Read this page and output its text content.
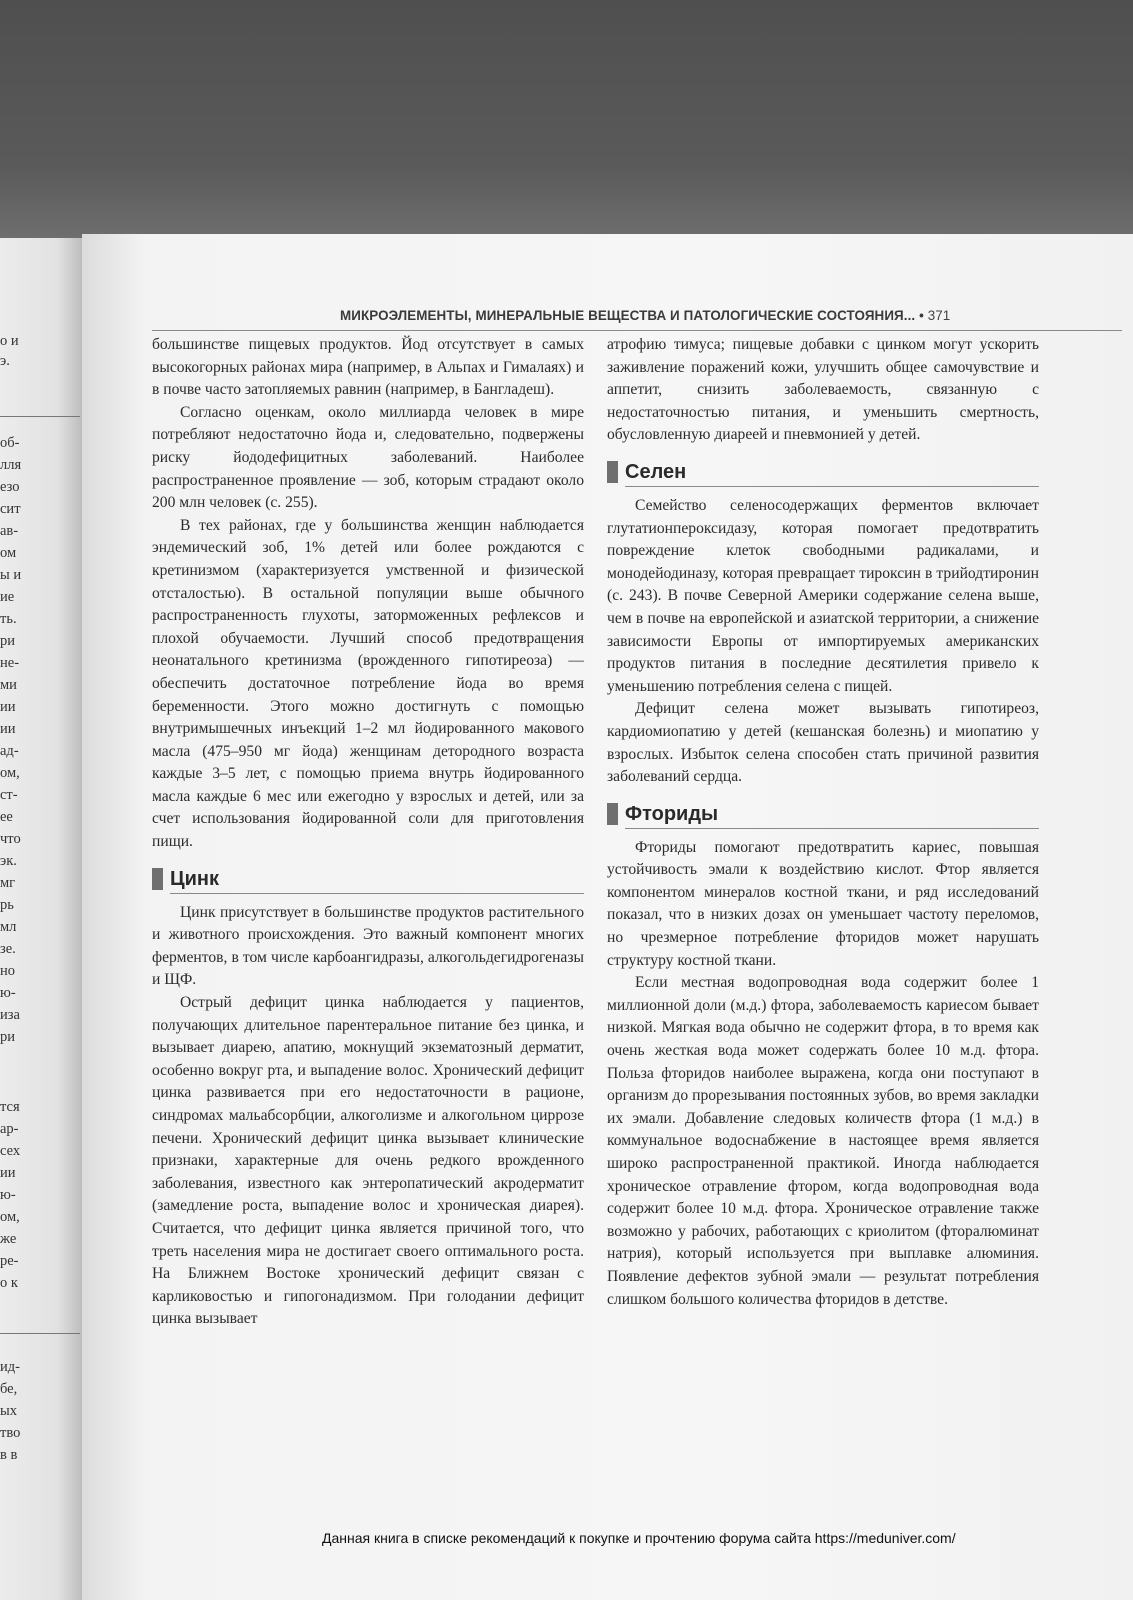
о и
э.
об-
лля
езо
сит
ав-
ом
ы и
ие
ть.
ри
не-
ми
ии
ии
ад-
ом,
ст-
ее
что
эк.
мг
рь
мл
зе.
но
ю-
иза
ри
тся
ар-
сех
ии
ю-
ом,
же
ре-
о к
ид-
бе,
ых
тво
в в
МИКРОЭЛЕМЕНТЫ, МИНЕРАЛЬНЫЕ ВЕЩЕСТВА И ПАТОЛОГИЧЕСКИЕ СОСТОЯНИЯ... • 371

большинстве пищевых продуктов. Йод отсутствует в самых высокогорных районах мира (например, в Альпах и Гималаях) и в почве часто затопляемых равнин (например, в Бангладеш).

Согласно оценкам, около миллиарда человек в мире потребляют недостаточно йода и, следовательно, подвержены риску йододефицитных заболеваний. Наиболее распространенное проявление — зоб, которым страдают около 200 млн человек (с. 255).

В тех районах, где у большинства женщин наблюдается эндемический зоб, 1% детей или более рождаются с кретинизмом (характеризуется умственной и физической отсталостью). В остальной популяции выше обычного распространенность глухоты, заторможенных рефлексов и плохой обучаемости. Лучший способ предотвращения неонатального кретинизма (врожденного гипотиреоза) — обеспечить достаточное потребление йода во время беременности. Этого можно достигнуть с помощью внутримышечных инъекций 1–2 мл йодированного макового масла (475–950 мг йода) женщинам детородного возраста каждые 3–5 лет, с помощью приема внутрь йодированного масла каждые 6 мес или ежегодно у взрослых и детей, или за счет использования йодированной соли для приготовления пищи.

Цинк

Цинк присутствует в большинстве продуктов растительного и животного происхождения. Это важный компонент многих ферментов, в том числе карбоангидразы, алкогольдегидрогеназы и ЩФ.

Острый дефицит цинка наблюдается у пациентов, получающих длительное парентеральное питание без цинка, и вызывает диарею, апатию, мокнущий экзематозный дерматит, особенно вокруг рта, и выпадение волос. Хронический дефицит цинка развивается при его недостаточности в рационе, синдромах мальабсорбции, алкоголизме и алкогольном циррозе печени. Хронический дефицит цинка вызывает клинические признаки, характерные для очень редкого врожденного заболевания, известного как энтеропатический акродерматит (замедление роста, выпадение волос и хроническая диарея). Считается, что дефицит цинка является причиной того, что треть населения мира не достигает своего оптимального роста. На Ближнем Востоке хронический дефицит связан с карликовостью и гипогонадизмом. При голодании дефицит цинка вызывает

атрофию тимуса; пищевые добавки с цинком могут ускорить заживление поражений кожи, улучшить общее самочувствие и аппетит, снизить заболеваемость, связанную с недостаточностью питания, и уменьшить смертность, обусловленную диареей и пневмонией у детей.

Селен

Семейство селеносодержащих ферментов включает глутатионпероксидазу, которая помогает предотвратить повреждение клеток свободными радикалами, и монодейодиназу, которая превращает тироксин в трийодтиронин (с. 243). В почве Северной Америки содержание селена выше, чем в почве на европейской и азиатской территории, а снижение зависимости Европы от импортируемых американских продуктов питания в последние десятилетия привело к уменьшению потребления селена с пищей.

Дефицит селена может вызывать гипотиреоз, кардиомиопатию у детей (кешанская болезнь) и миопатию у взрослых. Избыток селена способен стать причиной развития заболеваний сердца.

Фториды

Фториды помогают предотвратить кариес, повышая устойчивость эмали к воздействию кислот. Фтор является компонентом минералов костной ткани, и ряд исследований показал, что в низких дозах он уменьшает частоту переломов, но чрезмерное потребление фторидов может нарушать структуру костной ткани.

Если местная водопроводная вода содержит более 1 миллионной доли (м.д.) фтора, заболеваемость кариесом бывает низкой. Мягкая вода обычно не содержит фтора, в то время как очень жесткая вода может содержать более 10 м.д. фтора. Польза фторидов наиболее выражена, когда они поступают в организм до прорезывания постоянных зубов, во время закладки их эмали. Добавление следовых количеств фтора (1 м.д.) в коммунальное водоснабжение в настоящее время является широко распространенной практикой. Иногда наблюдается хроническое отравление фтором, когда водопроводная вода содержит более 10 м.д. фтора. Хроническое отравление также возможно у рабочих, работающих с криолитом (фторалюминат натрия), который используется при выплавке алюминия. Появление дефектов зубной эмали — результат потребления слишком большого количества фторидов в детстве.

Данная книга в списке рекомендаций к покупке и прочтению форума сайта https://meduniver.com/
